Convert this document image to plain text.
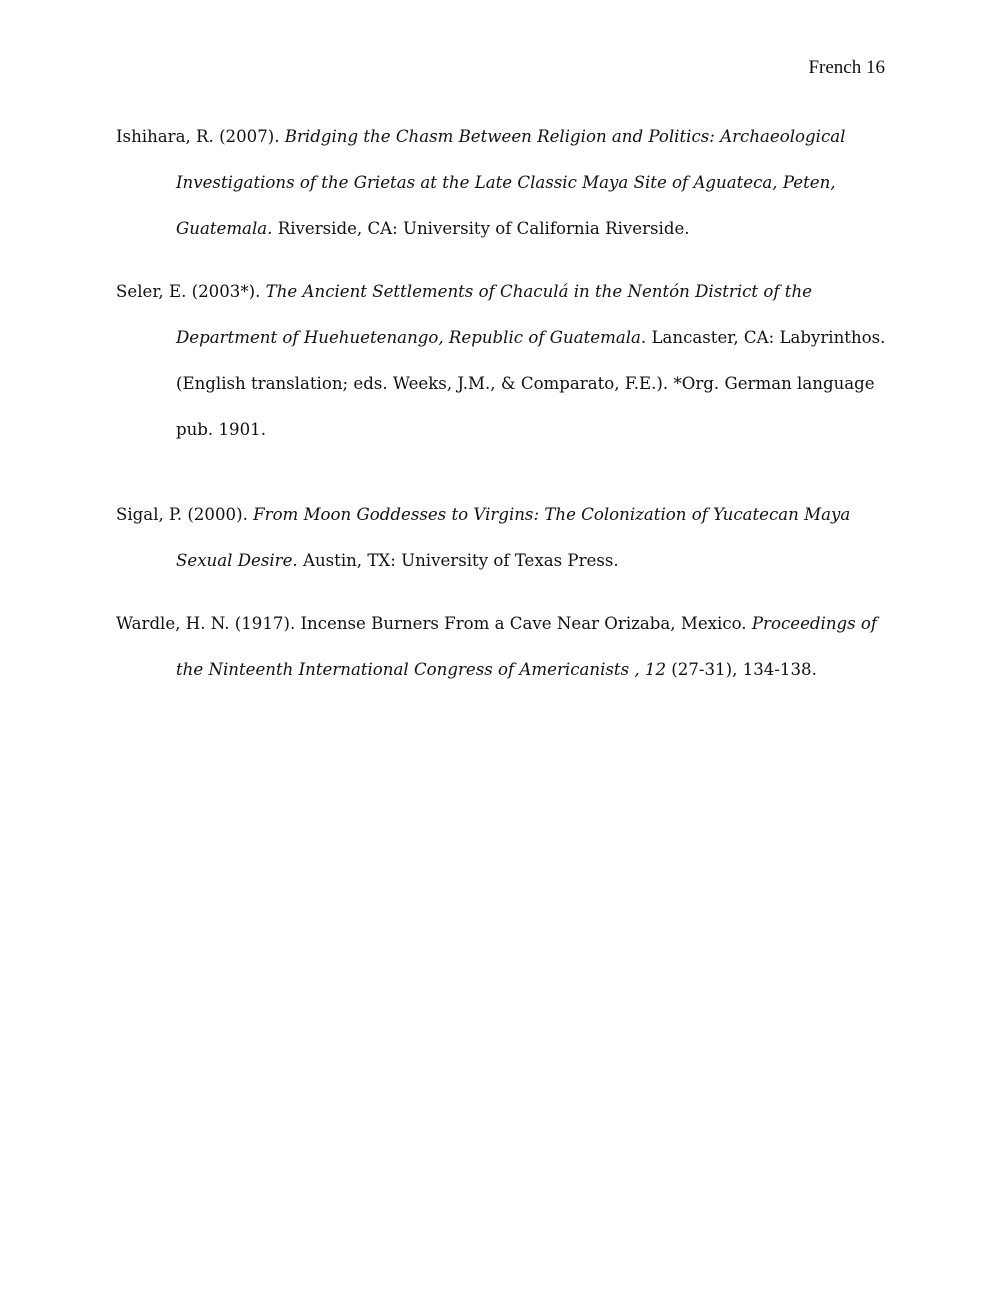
French 16

Ishihara, R. (2007). Bridging the Chasm Between Religion and Politics: Archaeological Investigations of the Grietas at the Late Classic Maya Site of Aguateca, Peten, Guatemala. Riverside, CA: University of California Riverside.

Seler, E. (2003*). The Ancient Settlements of Chaculá in the Nentón District of the Department of Huehuetenango, Republic of Guatemala. Lancaster, CA: Labyrinthos. (English translation; eds. Weeks, J.M., & Comparato, F.E.). *Org. German language pub. 1901.

Sigal, P. (2000). From Moon Goddesses to Virgins: The Colonization of Yucatecan Maya Sexual Desire. Austin, TX: University of Texas Press.

Wardle, H. N. (1917). Incense Burners From a Cave Near Orizaba, Mexico. Proceedings of the Ninteenth International Congress of Americanists , 12 (27-31), 134-138.
